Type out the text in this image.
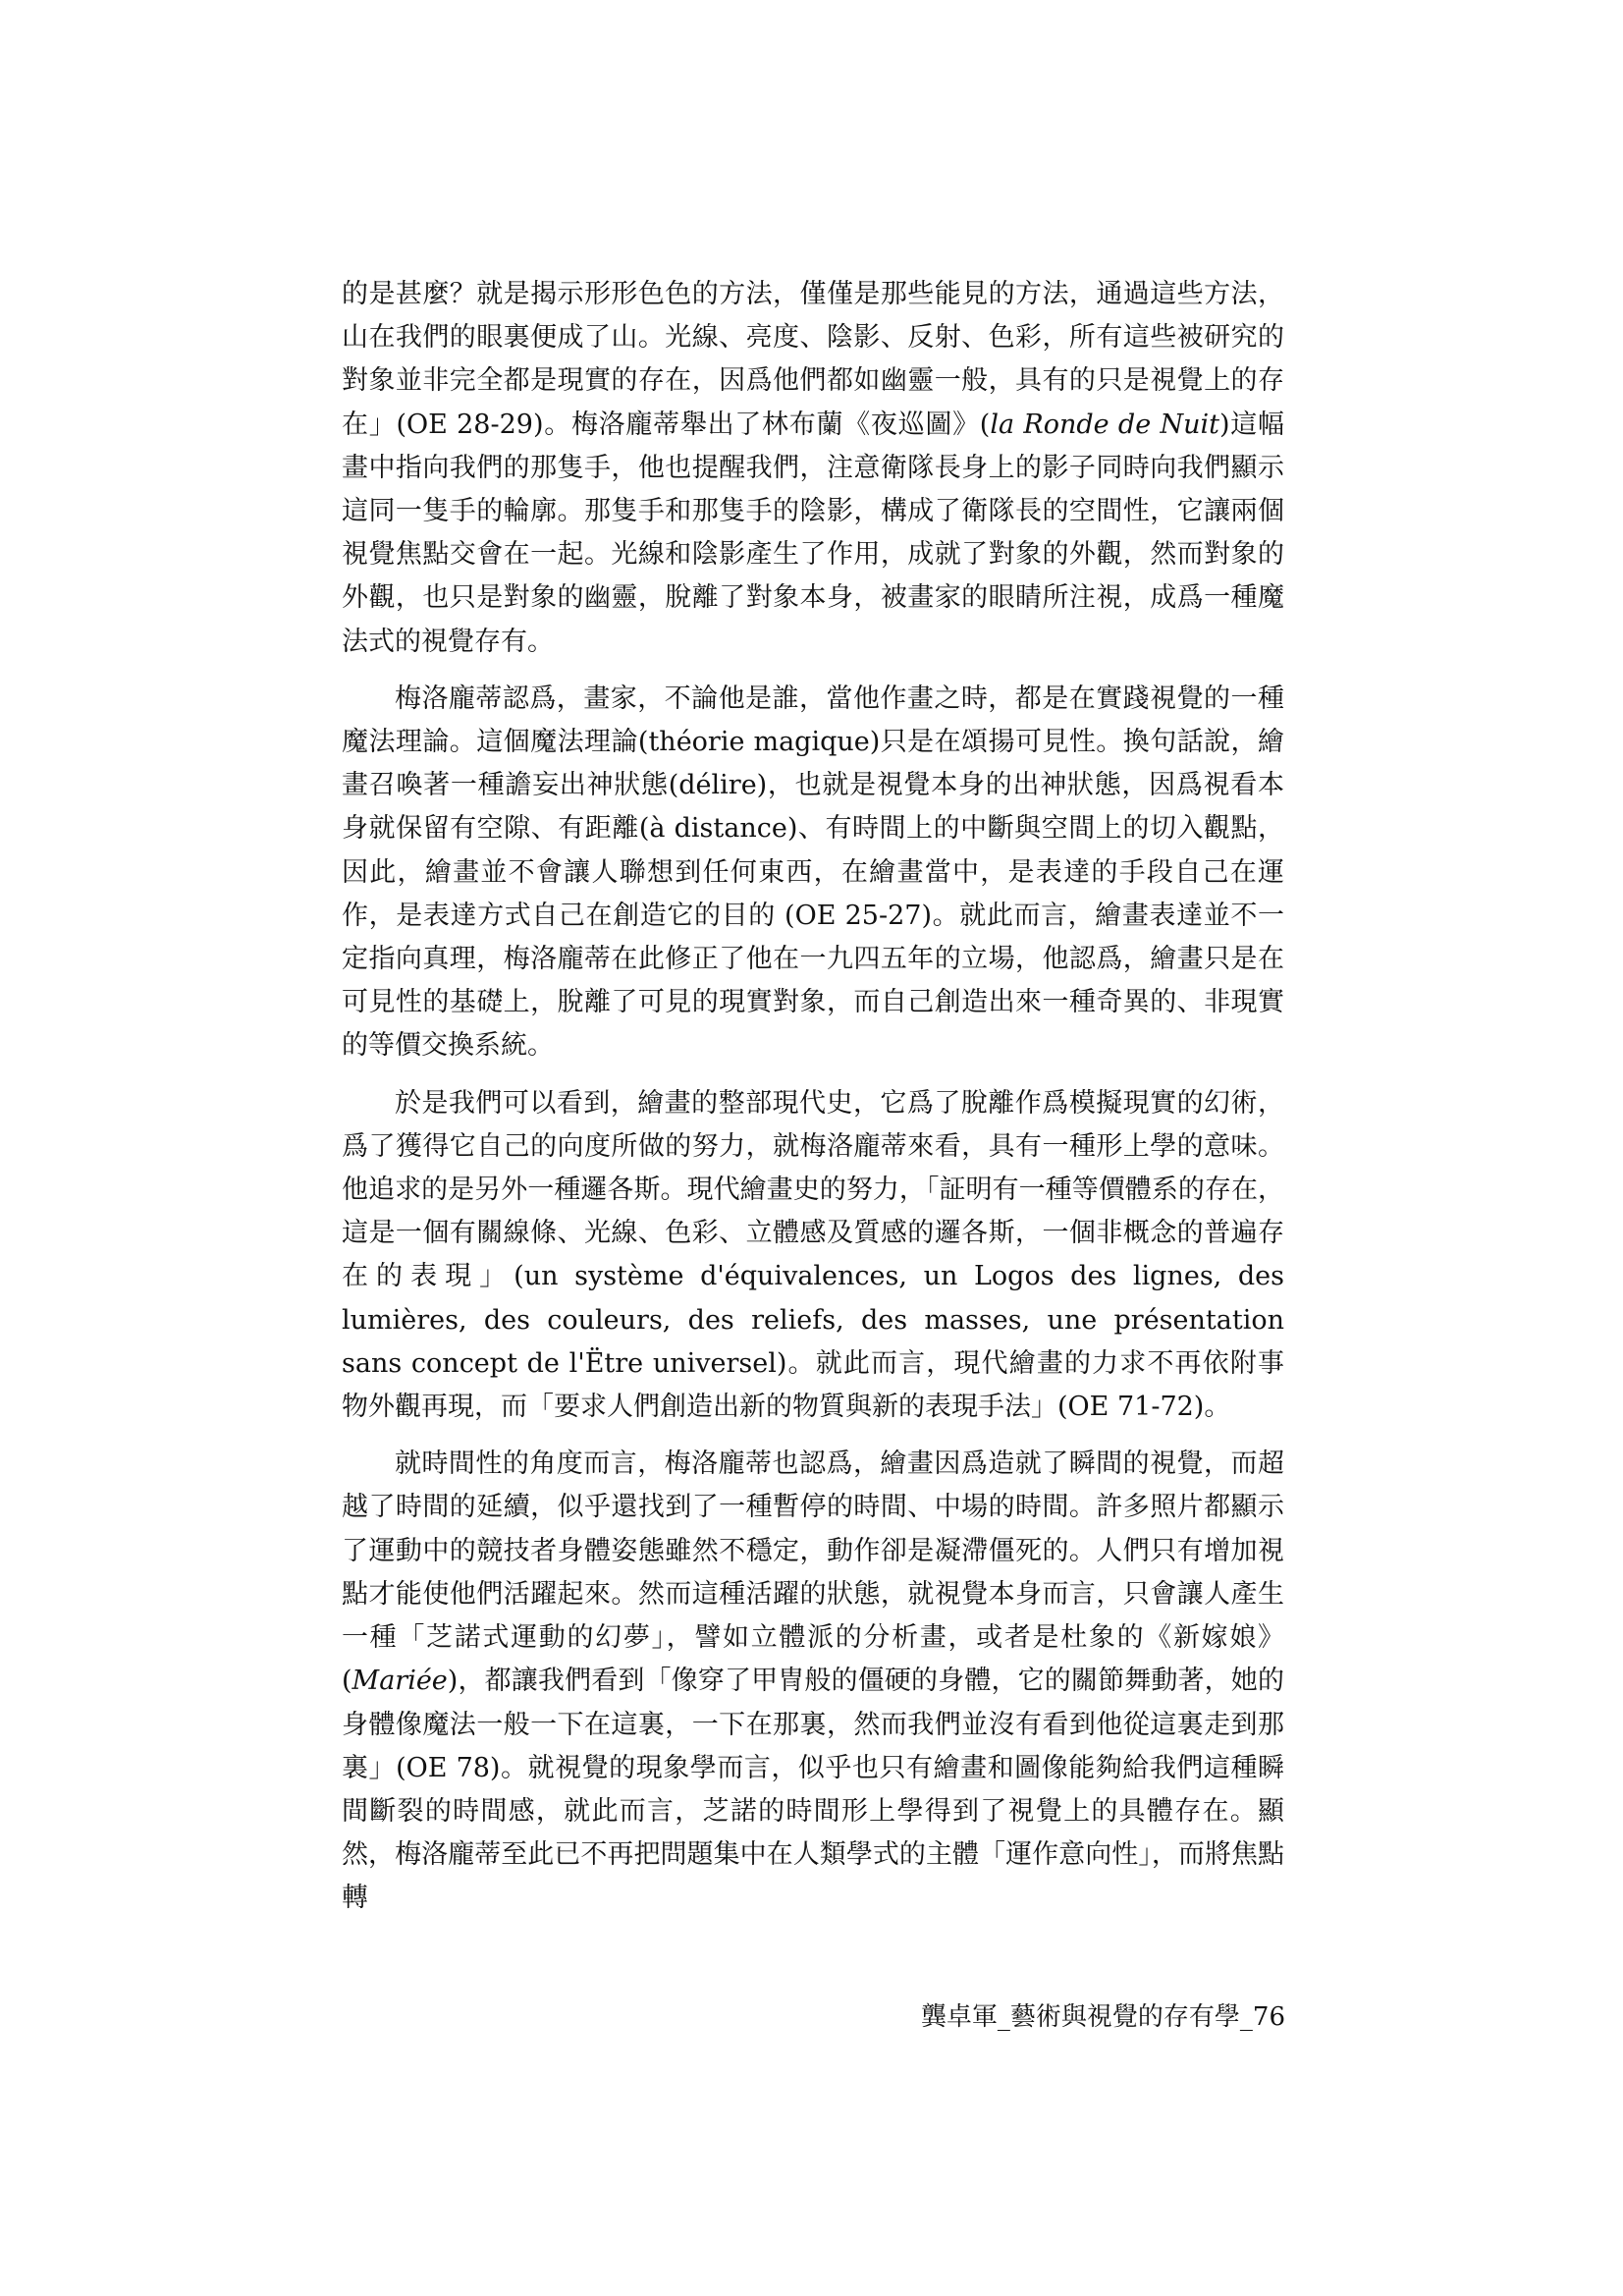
的是甚麼？就是揭示形形色色的方法，僅僅是那些能見的方法，通過這些方法，山在我們的眼裏便成了山。光線、亮度、陰影、反射、色彩，所有這些被研究的對象並非完全都是現實的存在，因爲他們都如幽靈一般，具有的只是視覺上的存在」(OE 28-29)。梅洛龐蒂舉出了林布蘭《夜巡圖》(la Ronde de Nuit)這幅畫中指向我們的那隻手，他也提醒我們，注意衛隊長身上的影子同時向我們顯示這同一隻手的輪廓。那隻手和那隻手的陰影，構成了衛隊長的空間性，它讓兩個視覺焦點交會在一起。光線和陰影產生了作用，成就了對象的外觀，然而對象的外觀，也只是對象的幽靈，脫離了對象本身，被畫家的眼睛所注視，成爲一種魔法式的視覺存有。

梅洛龐蒂認爲，畫家，不論他是誰，當他作畫之時，都是在實踐視覺的一種魔法理論。這個魔法理論(théorie magique)只是在頌揚可見性。換句話說，繪畫召喚著一種譫妄出神狀態(délire)，也就是視覺本身的出神狀態，因爲視看本身就保留有空隙、有距離(à distance)、有時間上的中斷與空間上的切入觀點，因此，繪畫並不會讓人聯想到任何東西，在繪畫當中，是表達的手段自己在運作，是表達方式自己在創造它的目的 (OE 25-27)。就此而言，繪畫表達並不一定指向真理，梅洛龐蒂在此修正了他在一九四五年的立場，他認爲，繪畫只是在可見性的基礎上，脫離了可見的現實對象，而自己創造出來一種奇異的、非現實的等價交換系統。

於是我們可以看到，繪畫的整部現代史，它爲了脫離作爲模擬現實的幻術，爲了獲得它自己的向度所做的努力，就梅洛龐蒂來看，具有一種形上學的意味。他追求的是另外一種邏各斯。現代繪畫史的努力，「証明有一種等價體系的存在，這是一個有關線條、光線、色彩、立體感及質感的邏各斯，一個非概念的普遍存在的表現」(un système d'équivalences, un Logos des lignes, des lumières, des couleurs, des reliefs, des masses, une présentation sans concept de l'Ëtre universel)。就此而言，現代繪畫的力求不再依附事物外觀再現，而「要求人們創造出新的物質與新的表現手法」(OE 71-72)。

就時間性的角度而言，梅洛龐蒂也認爲，繪畫因爲造就了瞬間的視覺，而超越了時間的延續，似乎還找到了一種暫停的時間、中場的時間。許多照片都顯示了運動中的競技者身體姿態雖然不穩定，動作卻是凝滯僵死的。人們只有增加視點才能使他們活躍起來。然而這種活躍的狀態，就視覺本身而言，只會讓人產生一種「芝諾式運動的幻夢」，譬如立體派的分析畫，或者是杜象的《新嫁娘》(Mariée)，都讓我們看到「像穿了甲冑般的僵硬的身體，它的關節舞動著，她的身體像魔法一般一下在這裏，一下在那裏，然而我們並沒有看到他從這裏走到那裏」(OE 78)。就視覺的現象學而言，似乎也只有繪畫和圖像能夠給我們這種瞬間斷裂的時間感，就此而言，芝諾的時間形上學得到了視覺上的具體存在。顯然，梅洛龐蒂至此已不再把問題集中在人類學式的主體「運作意向性」，而將焦點轉

龔卓軍_藝術與視覺的存有學_76
